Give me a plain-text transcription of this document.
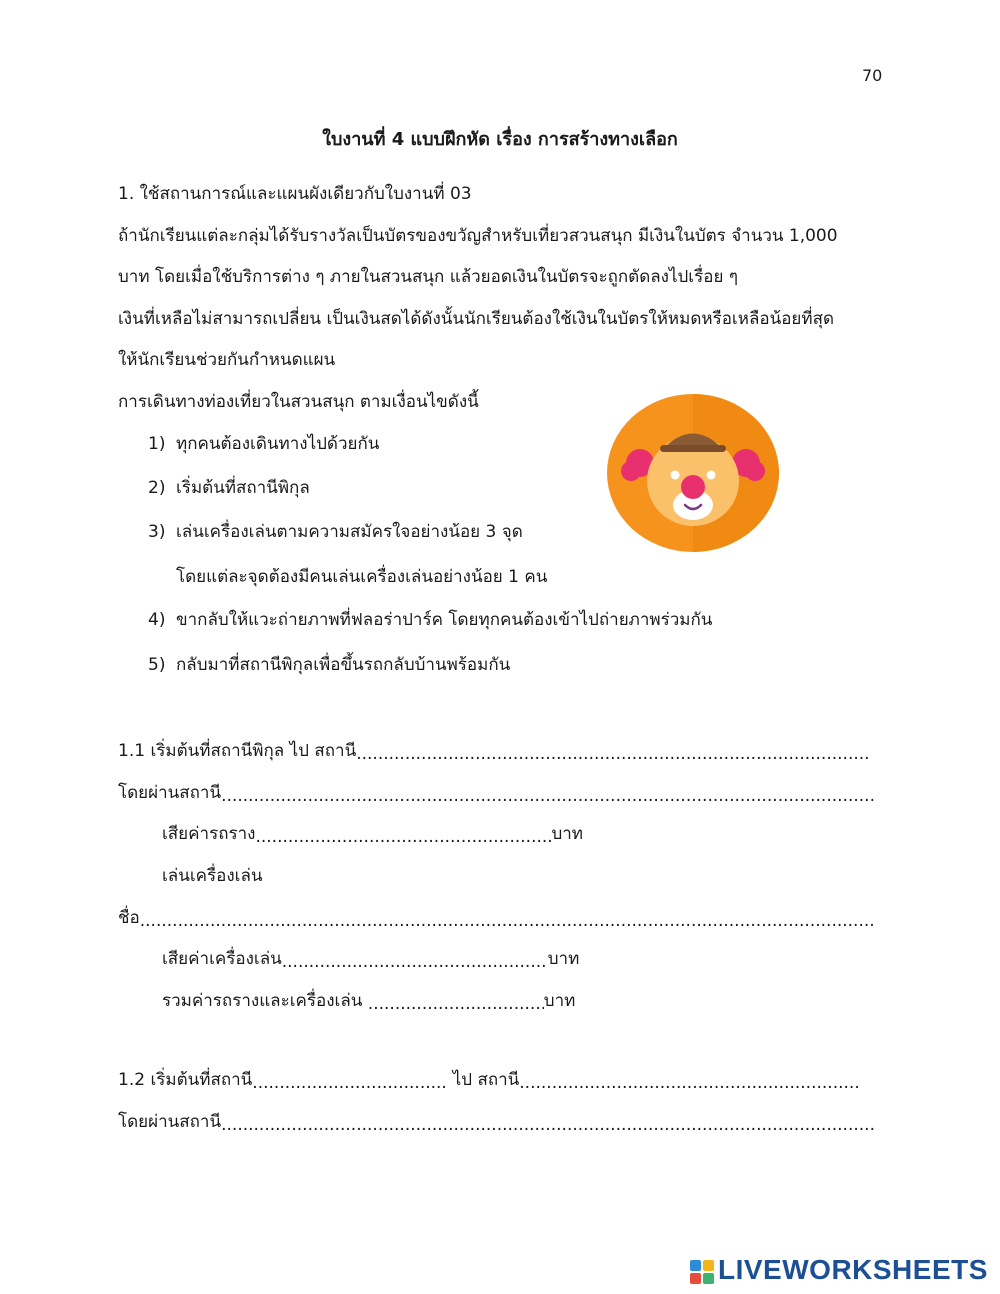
70
ใบงานที่ 4 แบบฝึกหัด เรื่อง การสร้างทางเลือก
1. ใช้สถานการณ์และแผนผังเดียวกับใบงานที่ 03
ถ้านักเรียนแต่ละกลุ่มได้รับรางวัลเป็นบัตรของขวัญสำหรับเที่ยวสวนสนุก มีเงินในบัตร จำนวน 1,000
บาท โดยเมื่อใช้บริการต่าง ๆ ภายในสวนสนุก แล้วยอดเงินในบัตรจะถูกตัดลงไปเรื่อย ๆ
เงินที่เหลือไม่สามารถเปลี่ยน เป็นเงินสดได้ดังนั้นนักเรียนต้องใช้เงินในบัตรให้หมดหรือเหลือน้อยที่สุด
ให้นักเรียนช่วยกันกำหนดแผน
การเดินทางท่องเที่ยวในสวนสนุก ตามเงื่อนไขดังนี้
1) ทุกคนต้องเดินทางไปด้วยกัน
2) เริ่มต้นที่สถานีพิกุล
3) เล่นเครื่องเล่นตามความสมัครใจอย่างน้อย 3 จุด
โดยแต่ละจุดต้องมีคนเล่นเครื่องเล่นอย่างน้อย 1 คน
4) ขากลับให้แวะถ่ายภาพที่ฟลอร่าปาร์ค โดยทุกคนต้องเข้าไปถ่ายภาพร่วมกัน
5) กลับมาที่สถานีพิกุลเพื่อขึ้นรถกลับบ้านพร้อมกัน
1.1 เริ่มต้นที่สถานีพิกุล ไป สถานี.....
โดยผ่านสถานี.....
เสียค่ารถราง .....	บาท
เล่นเครื่องเล่น
ชื่อ.....
เสียค่าเครื่องเล่น .....	บาท
รวมค่ารถรางและเครื่องเล่น .....	บาท
1.2 เริ่มต้นที่สถานี .....	ไป สถานี.....
โดยผ่านสถานี.....
LIVEWORKSHEETS
